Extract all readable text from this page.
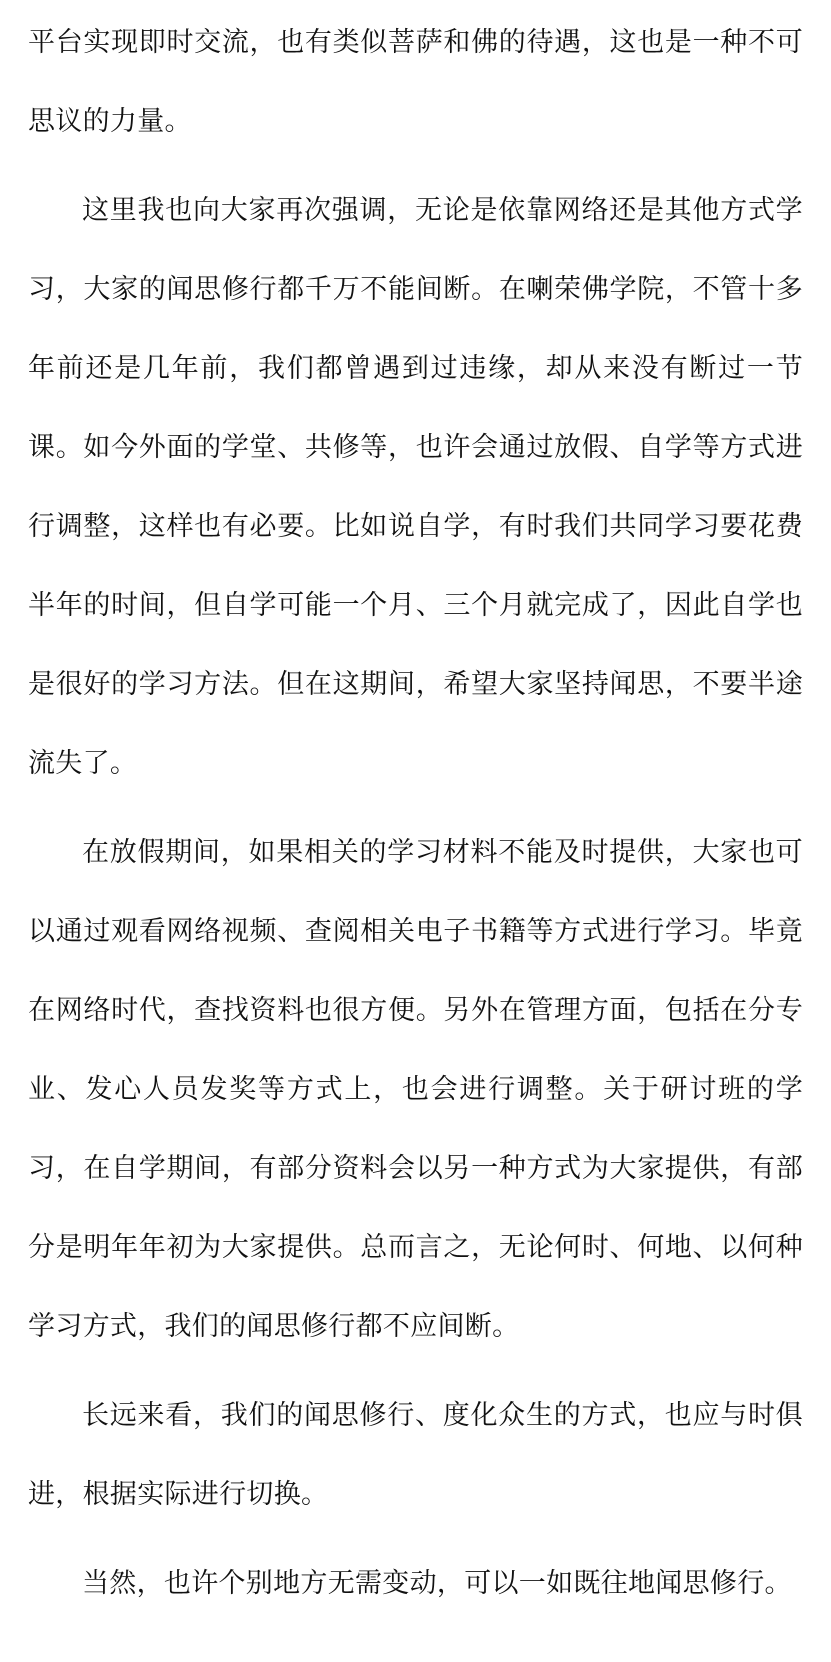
平台实现即时交流，也有类似菩萨和佛的待遇，这也是一种不可思议的力量。

这里我也向大家再次强调，无论是依靠网络还是其他方式学习，大家的闻思修行都千万不能间断。在喇荣佛学院，不管十多年前还是几年前，我们都曾遇到过违缘，却从来没有断过一节课。如今外面的学堂、共修等，也许会通过放假、自学等方式进行调整，这样也有必要。比如说自学，有时我们共同学习要花费半年的时间，但自学可能一个月、三个月就完成了，因此自学也是很好的学习方法。但在这期间，希望大家坚持闻思，不要半途流失了。

在放假期间，如果相关的学习材料不能及时提供，大家也可以通过观看网络视频、查阅相关电子书籍等方式进行学习。毕竟在网络时代，查找资料也很方便。另外在管理方面，包括在分专业、发心人员发奖等方式上，也会进行调整。关于研讨班的学习，在自学期间，有部分资料会以另一种方式为大家提供，有部分是明年年初为大家提供。总而言之，无论何时、何地、以何种学习方式，我们的闻思修行都不应间断。

长远来看，我们的闻思修行、度化众生的方式，也应与时俱进，根据实际进行切换。

当然，也许个别地方无需变动，可以一如既往地闻思修行。
